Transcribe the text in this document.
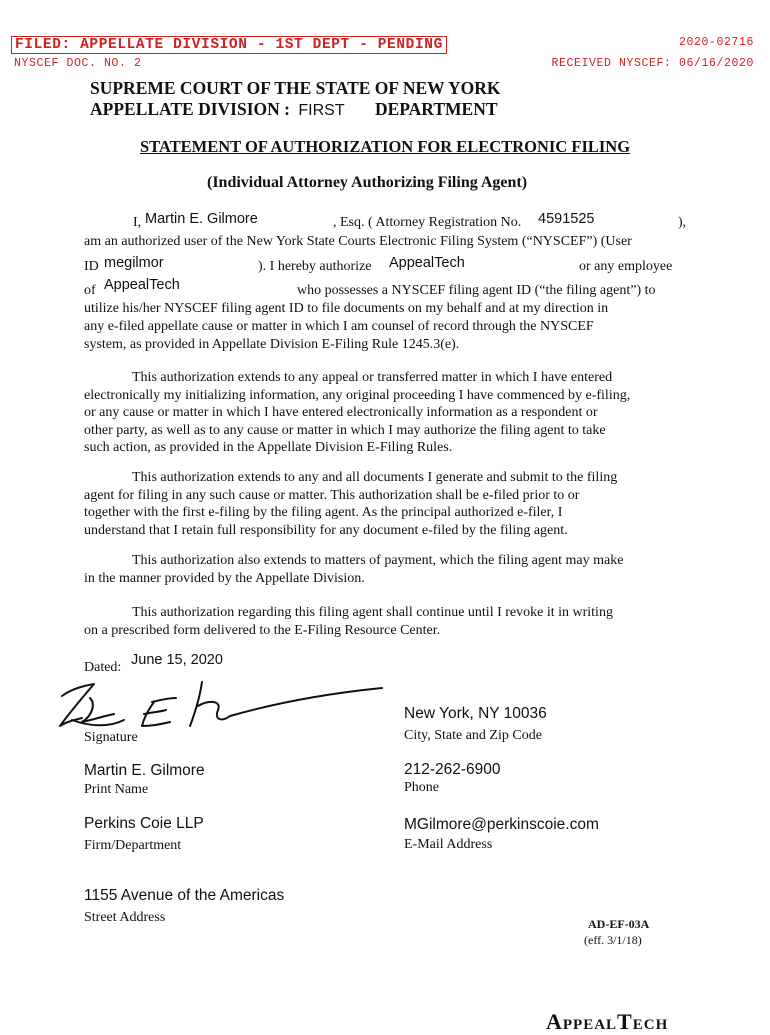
FILED: APPELLATE DIVISION - 1ST DEPT - PENDING
NYSCEF DOC. NO. 2
2020-02716
RECEIVED NYSCEF: 06/16/2020
SUPREME COURT OF THE STATE OF NEW YORK
APPELLATE DIVISION : FIRST DEPARTMENT
STATEMENT OF AUTHORIZATION FOR ELECTRONIC FILING
(Individual Attorney Authorizing Filing Agent)
I, Martin E. Gilmore	, Esq. ( Attorney Registration No. 4591525	),
am an authorized user of the New York State Courts Electronic Filing System (“NYSCEF”) (User
ID megilmor	). I hereby authorize AppealTech	or any employee
of AppealTech	who possesses a NYSCEF filing agent ID (“the filing agent”) to
utilize his/her NYSCEF filing agent ID to file documents on my behalf and at my direction in
any e-filed appellate cause or matter in which I am counsel of record through the NYSCEF
system, as provided in Appellate Division E-Filing Rule 1245.3(e).
This authorization extends to any appeal or transferred matter in which I have entered
electronically my initializing information, any original proceeding I have commenced by e-filing,
or any cause or matter in which I have entered electronically information as a respondent or
other party, as well as to any cause or matter in which I may authorize the filing agent to take
such action, as provided in the Appellate Division E-Filing Rules.
This authorization extends to any and all documents I generate and submit to the filing
agent for filing in any such cause or matter. This authorization shall be e-filed prior to or
together with the first e-filing by the filing agent. As the principal authorized e-filer, I
understand that I retain full responsibility for any document e-filed by the filing agent.
This authorization also extends to matters of payment, which the filing agent may make
in the manner provided by the Appellate Division.
This authorization regarding this filing agent shall continue until I revoke it in writing
on a prescribed form delivered to the E-Filing Resource Center.
Dated: June 15, 2020
Signature
New York, NY 10036
City, State and Zip Code
Martin E. Gilmore
Print Name
212-262-6900
Phone
Perkins Coie LLP
Firm/Department
MGilmore@perkinscoie.com
E-Mail Address
1155 Avenue of the Americas
Street Address	AD-EF-03A
(eff. 3/1/18)
AppealTech
